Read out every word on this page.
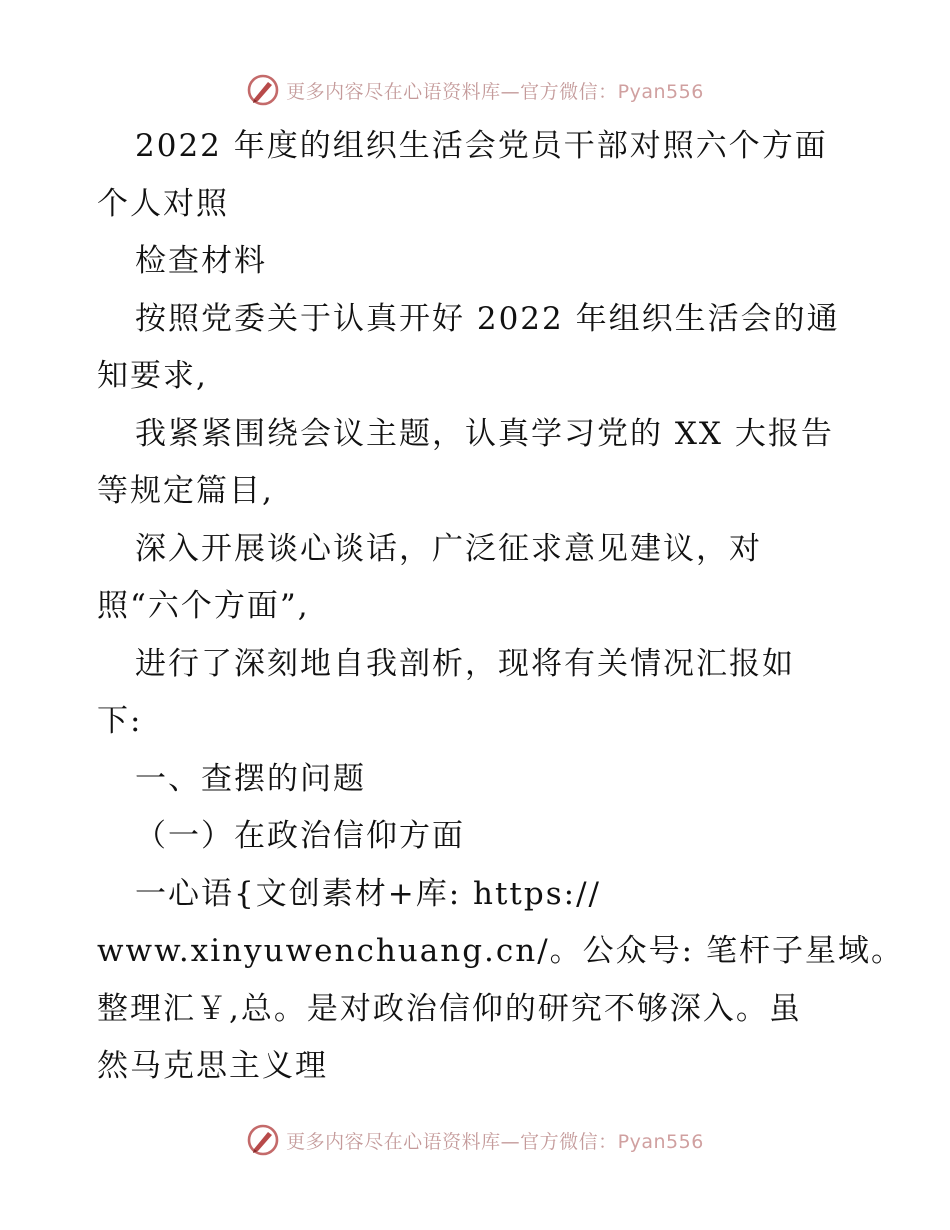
更多内容尽在心语资料库—官方微信：Pyan556
2022 年度的组织生活会党员干部对照六个方面
个人对照
检查材料
按照党委关于认真开好 2022 年组织生活会的通
知要求,
我紧紧围绕会议主题，认真学习党的 XX 大报告
等规定篇目,
深入开展谈心谈话，广泛征求意见建议，对
照“六个方面”,
进行了深刻地自我剖析，现将有关情况汇报如
下:
一、查摆的问题
（一）在政治信仰方面
一心语{文创素材+库: https://
www.xinyuwenchuang.cn/。公众号: 笔杆子星域。
整理汇￥,总。是对政治信仰的研究不够深入。虽
然马克思主义理
更多内容尽在心语资料库—官方微信：Pyan556
